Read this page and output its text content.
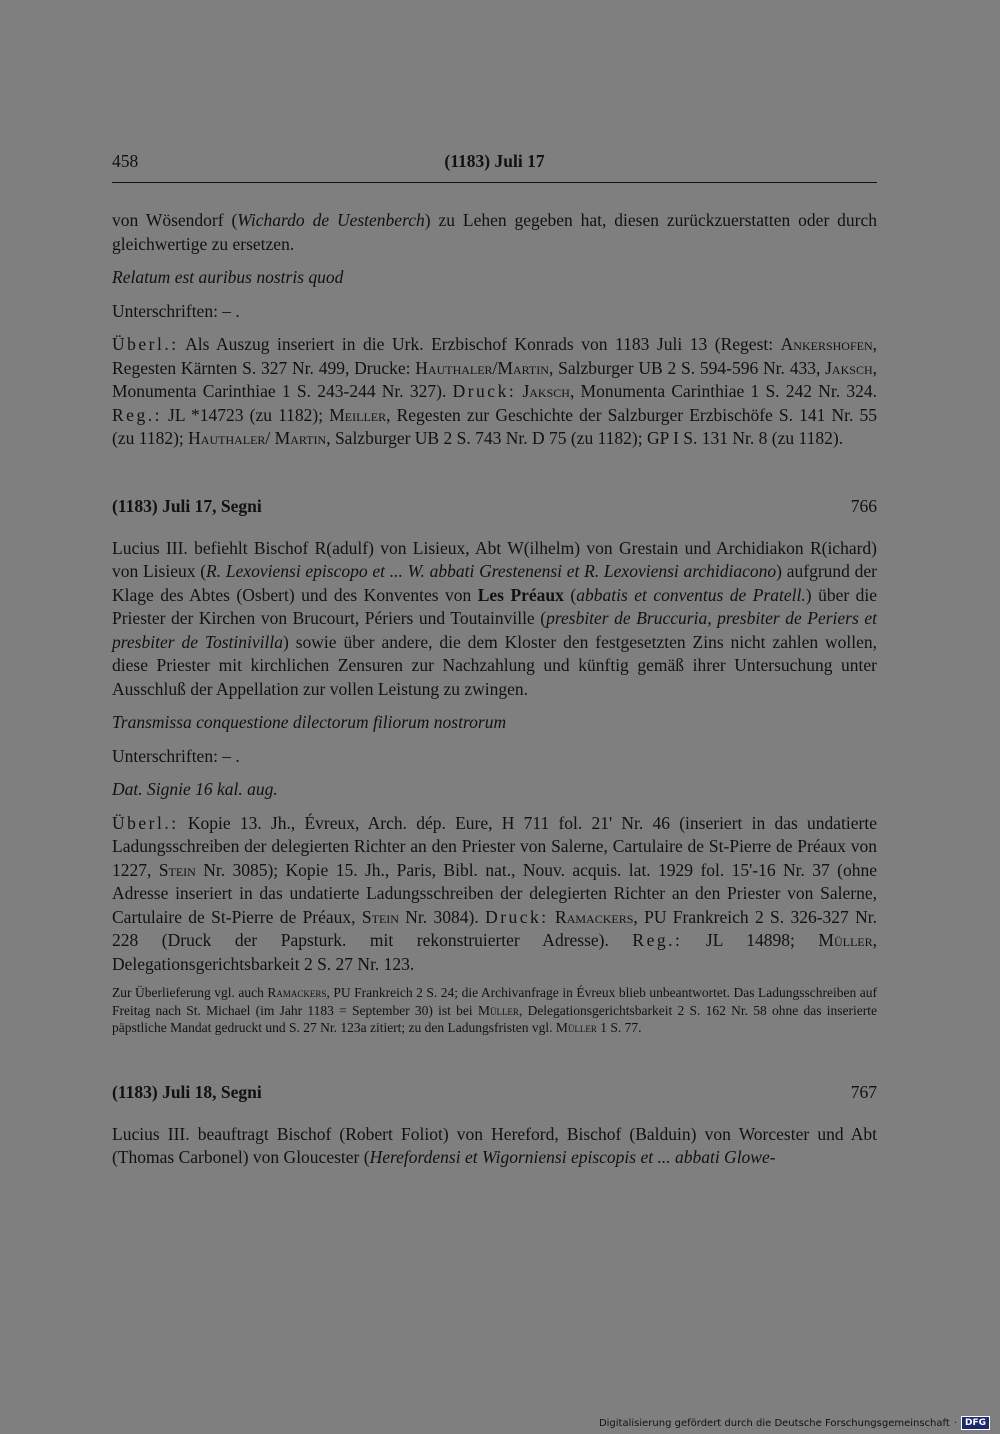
458	(1183) Juli 17

von Wösendorf (Wichardo de Uestenberch) zu Lehen gegeben hat, diesen zurückzuerstatten oder durch gleichwertige zu ersetzen.

Relatum est auribus nostris quod

Unterschriften: – .

Überl.: Als Auszug inseriert in die Urk. Erzbischof Konrads von 1183 Juli 13 (Regest: Ankershofen, Regesten Kärnten S. 327 Nr. 499, Drucke: Hauthaler/Martin, Salzburger UB 2 S. 594-596 Nr. 433, Jaksch, Monumenta Carinthiae 1 S. 243-244 Nr. 327). Druck: Jaksch, Monumenta Carinthiae 1 S. 242 Nr. 324. Reg.: JL *14723 (zu 1182); Meiller, Regesten zur Geschichte der Salzburger Erzbischöfe S. 141 Nr. 55 (zu 1182); Hauthaler/ Martin, Salzburger UB 2 S. 743 Nr. D 75 (zu 1182); GP I S. 131 Nr. 8 (zu 1182).

(1183) Juli 17, Segni	766

Lucius III. befiehlt Bischof R(adulf) von Lisieux, Abt W(ilhelm) von Grestain und Archidiakon R(ichard) von Lisieux (R. Lexoviensi episcopo et ... W. abbati Grestenensi et R. Lexoviensi archidiacono) aufgrund der Klage des Abtes (Osbert) und des Konventes von Les Préaux (abbatis et conventus de Pratell.) über die Priester der Kirchen von Brucourt, Périers und Toutainville (presbiter de Bruccuria, presbiter de Periers et presbiter de Tostinivilla) sowie über andere, die dem Kloster den festgesetzten Zins nicht zahlen wollen, diese Priester mit kirchlichen Zensuren zur Nachzahlung und künftig gemäß ihrer Untersuchung unter Ausschluß der Appellation zur vollen Leistung zu zwingen.

Transmissa conquestione dilectorum filiorum nostrorum

Unterschriften: – .

Dat. Signie 16 kal. aug.

Überl.: Kopie 13. Jh., Évreux, Arch. dép. Eure, H 711 fol. 21' Nr. 46 (inseriert in das undatierte Ladungsschreiben der delegierten Richter an den Priester von Salerne, Cartulaire de St-Pierre de Préaux von 1227, Stein Nr. 3085); Kopie 15. Jh., Paris, Bibl. nat., Nouv. acquis. lat. 1929 fol. 15'-16 Nr. 37 (ohne Adresse inseriert in das undatierte Ladungsschreiben der delegierten Richter an den Priester von Salerne, Cartulaire de St-Pierre de Préaux, Stein Nr. 3084). Druck: Ramackers, PU Frankreich 2 S. 326-327 Nr. 228 (Druck der Papsturk. mit rekonstruierter Adresse). Reg.: JL 14898; Müller, Delegationsgerichtsbarkeit 2 S. 27 Nr. 123.

Zur Überlieferung vgl. auch Ramackers, PU Frankreich 2 S. 24; die Archivanfrage in Évreux blieb unbeantwortet. Das Ladungsschreiben auf Freitag nach St. Michael (im Jahr 1183 = September 30) ist bei Müller, Delegationsgerichtsbarkeit 2 S. 162 Nr. 58 ohne das inserierte päpstliche Mandat gedruckt und S. 27 Nr. 123a zitiert; zu den Ladungsfristen vgl. Müller 1 S. 77.

(1183) Juli 18, Segni	767

Lucius III. beauftragt Bischof (Robert Foliot) von Hereford, Bischof (Balduin) von Worcester und Abt (Thomas Carbonel) von Gloucester (Herefordensi et Wigorniensi episcopis et ... abbati Glowe-

Digitalisierung gefördert durch die Deutsche Forschungsgemeinschaft · DFG
